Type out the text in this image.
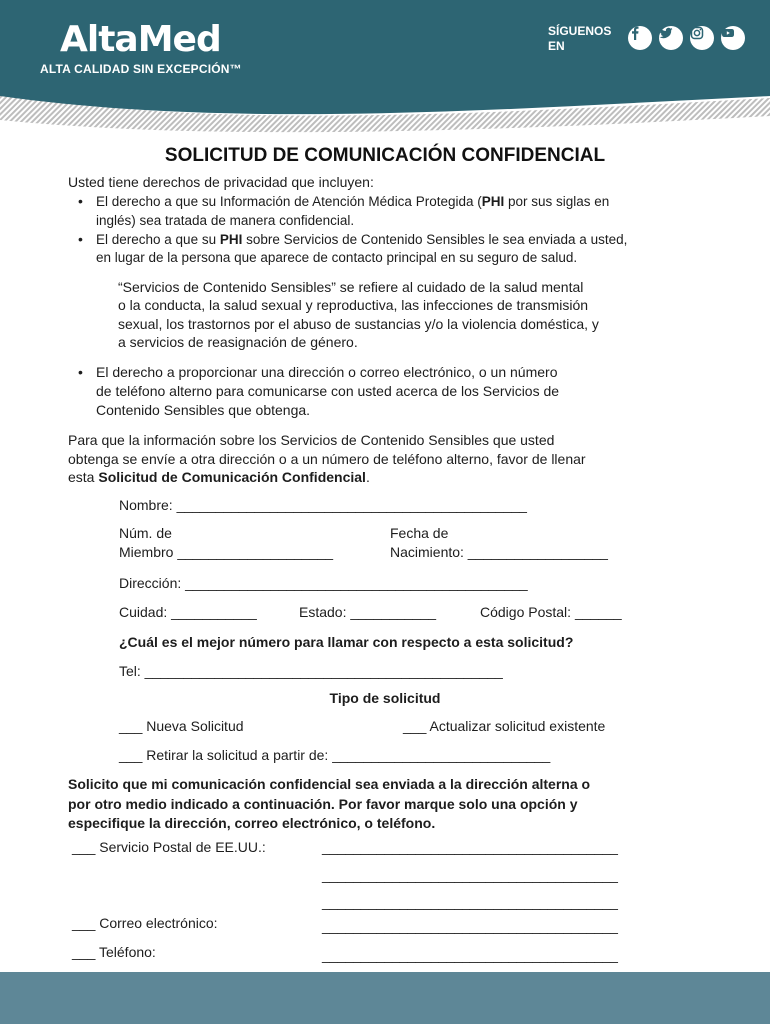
AltaMed
ALTA CALIDAD SIN EXCEPCIÓN™
SÍGUENOS
EN
SOLICITUD DE COMUNICACIÓN CONFIDENCIAL
Usted tiene derechos de privacidad que incluyen:
• El derecho a que su Información de Atención Médica Protegida (PHI por sus siglas en
inglés) sea tratada de manera confidencial.
• El derecho a que su PHI sobre Servicios de Contenido Sensibles le sea enviada a usted,
en lugar de la persona que aparece de contacto principal en su seguro de salud.
“Servicios de Contenido Sensibles” se refiere al cuidado de la salud mental
o la conducta, la salud sexual y reproductiva, las infecciones de transmisión
sexual, los trastornos por el abuso de sustancias y/o la violencia doméstica, y
a servicios de reasignación de género.
• El derecho a proporcionar una dirección o correo electrónico, o un número
de teléfono alterno para comunicarse con usted acerca de los Servicios de
Contenido Sensibles que obtenga.
Para que la información sobre los Servicios de Contenido Sensibles que usted
obtenga se envíe a otra dirección o a un número de teléfono alterno, favor de llenar
esta Solicitud de Comunicación Confidencial.
Nombre: _____________________________________________
Núm. de
Miembro ____________________
Fecha de
Nacimiento: __________________
Dirección: ____________________________________________
Cuidad: ___________	Estado: ___________	Código Postal: ______
¿Cuál es el mejor número para llamar con respecto a esta solicitud?
Tel: ______________________________________________
Tipo de solicitud
___ Nueva Solicitud	___ Actualizar solicitud existente
___ Retirar la solicitud a partir de: ____________________________
Solicito que mi comunicación confidencial sea enviada a la dirección alterna o
por otro medio indicado a continuación. Por favor marque solo una opción y
especifique la dirección, correo electrónico, o teléfono.
___ Servicio Postal de EE.UU.:	______________________________________
______________________________________
______________________________________
___ Correo electrónico:	______________________________________
___ Teléfono:	______________________________________
